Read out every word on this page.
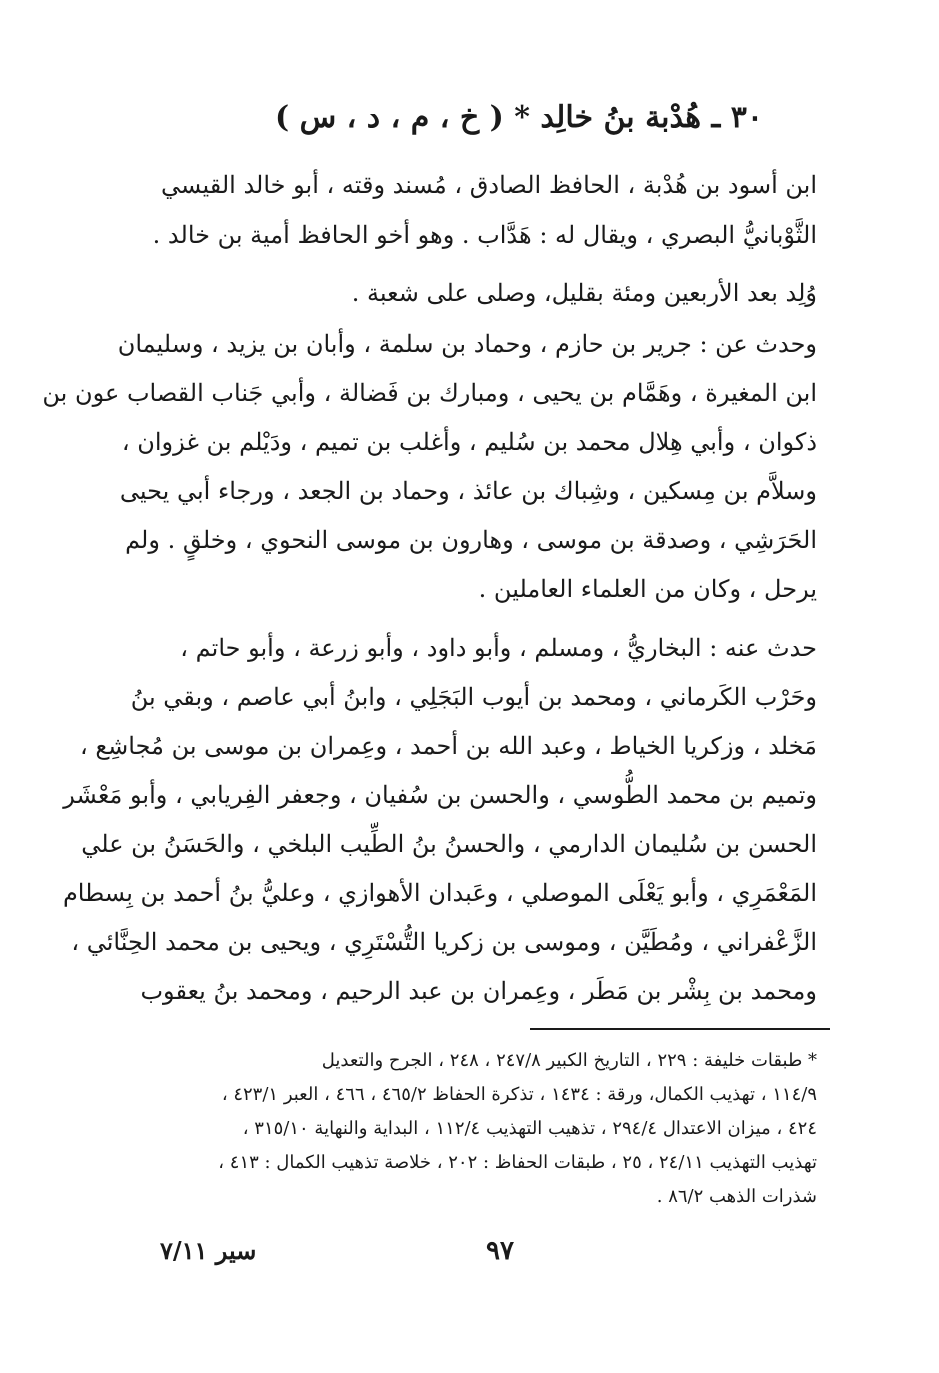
٣٠ ـ هُدْبة بنُ خالِد * ( خ ، م ، د ، س )
ابن أسود بن هُدْبة ، الحافظ الصادق ، مُسند وقته ، أبو خالد القيسي
الثَّوْبانيُّ البصري ، ويقال له : هَدَّاب . وهو أخو الحافظ أمية بن خالد .
وُلِد بعد الأربعين ومئة بقليل، وصلى على شعبة .
وحدث عن : جرير بن حازم ، وحماد بن سلمة ، وأبان بن يزيد ، وسليمان
ابن المغيرة ، وهَمَّام بن يحيى ، ومبارك بن فَضالة ، وأبي جَناب القصاب عون بن
ذكوان ، وأبي هِلال محمد بن سُليم ، وأغلب بن تميم ، ودَيْلم بن غزوان ،
وسلاَّم بن مِسكين ، وشِباك بن عائذ ، وحماد بن الجعد ، ورجاء أبي يحيى
الحَرَشِي ، وصدقة بن موسى ، وهارون بن موسى النحوي ، وخلقٍ . ولم
يرحل ، وكان من العلماء العاملين .
حدث عنه : البخاريُّ ، ومسلم ، وأبو داود ، وأبو زرعة ، وأبو حاتم ،
وحَرْب الكَرماني ، ومحمد بن أيوب البَجَلِي ، وابنُ أبي عاصم ، وبقي بنُ
مَخلد ، وزكريا الخياط ، وعبد الله بن أحمد ، وعِمران بن موسى بن مُجاشِع ،
وتميم بن محمد الطُّوسي ، والحسن بن سُفيان ، وجعفر الفِريابي ، وأبو مَعْشَر
الحسن بن سُليمان الدارمي ، والحسنُ بنُ الطِّيب البلخي ، والحَسَنُ بن علي
المَعْمَرِي ، وأبو يَعْلَى الموصلي ، وعَبدان الأهوازي ، وعليُّ بنُ أحمد بن بِسطام
الزَّعْفراني ، ومُطَيَّن ، وموسى بن زكريا التُّسْتَرِي ، ويحيى بن محمد الحِنَّائي ،
ومحمد بن بِشْر بن مَطَر ، وعِمران بن عبد الرحيم ، ومحمد بنُ يعقوب
* طبقات خليفة : ٢٢٩ ، التاريخ الكبير ٢٤٧/٨ ، ٢٤٨ ، الجرح والتعديل
١١٤/٩ ، تهذيب الكمال، ورقة : ١٤٣٤ ، تذكرة الحفاظ ٤٦٥/٢ ، ٤٦٦ ، العبر ٤٢٣/١ ،
٤٢٤ ، ميزان الاعتدال ٢٩٤/٤ ، تذهيب التهذيب ١١٢/٤ ، البداية والنهاية ٣١٥/١٠ ،
تهذيب التهذيب ٢٤/١١ ، ٢٥ ، طبقات الحفاظ : ٢٠٢ ، خلاصة تذهيب الكمال : ٤١٣ ،
شذرات الذهب ٨٦/٢ .
٩٧
سير ٧/١١
